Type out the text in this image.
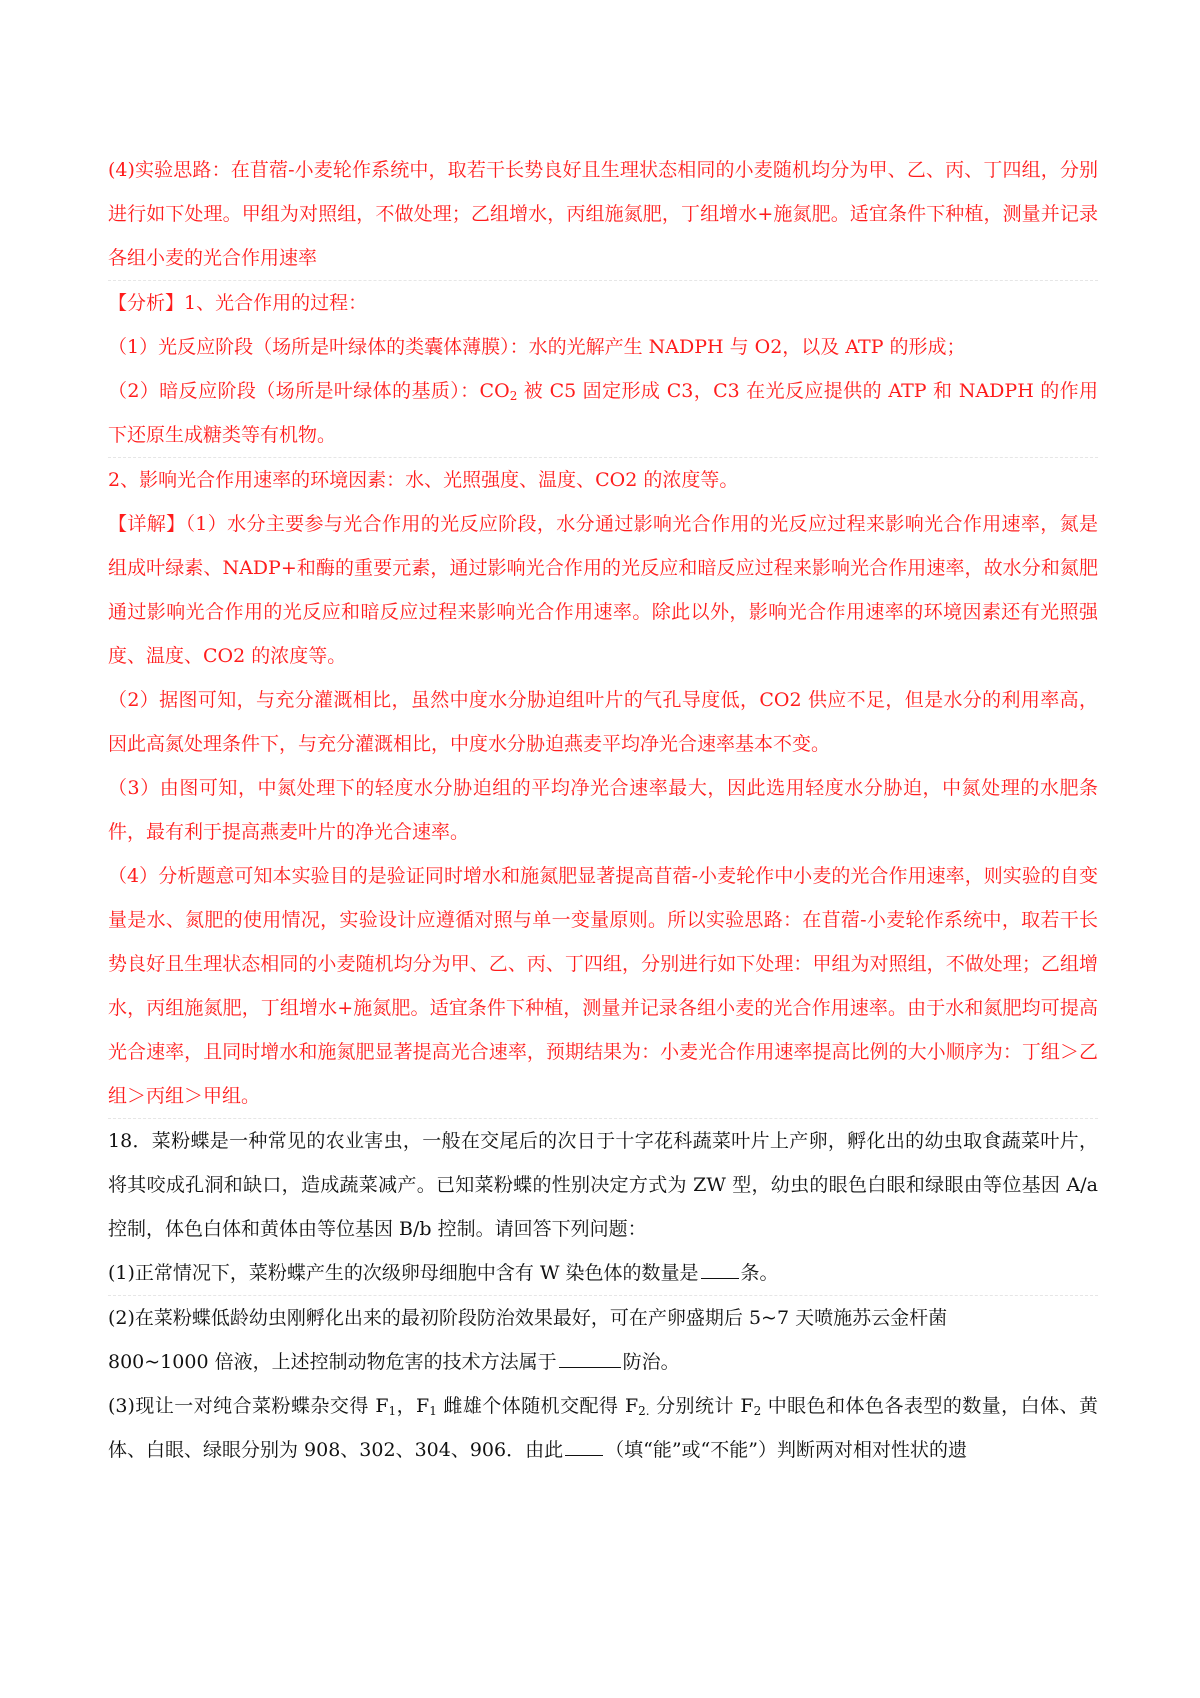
(4)实验思路：在苜蓿-小麦轮作系统中，取若干长势良好且生理状态相同的小麦随机均分为甲、乙、丙、丁四组，分别进行如下处理。甲组为对照组，不做处理；乙组增水，丙组施氮肥，丁组增水+施氮肥。适宜条件下种植，测量并记录各组小麦的光合作用速率

【分析】1、光合作用的过程：

（1）光反应阶段（场所是叶绿体的类囊体薄膜）：水的光解产生 NADPH 与 O2，以及 ATP 的形成；

（2）暗反应阶段（场所是叶绿体的基质）：$CO_2$ 被 C5 固定形成 C3，C3 在光反应提供的 ATP 和 NADPH 的作用下还原生成糖类等有机物。

2、影响光合作用速率的环境因素：水、光照强度、温度、CO2 的浓度等。

【详解】（1）水分主要参与光合作用的光反应阶段，水分通过影响光合作用的光反应过程来影响光合作用速率，氮是组成叶绿素、NADP+和酶的重要元素，通过影响光合作用的光反应和暗反应过程来影响光合作用速率，故水分和氮肥通过影响光合作用的光反应和暗反应过程来影响光合作用速率。除此以外，影响光合作用速率的环境因素还有光照强度、温度、CO2 的浓度等。

（2）据图可知，与充分灌溉相比，虽然中度水分胁迫组叶片的气孔导度低，CO2 供应不足，但是水分的利用率高，因此高氮处理条件下，与充分灌溉相比，中度水分胁迫燕麦平均净光合速率基本不变。

（3）由图可知，中氮处理下的轻度水分胁迫组的平均净光合速率最大，因此选用轻度水分胁迫，中氮处理的水肥条件，最有利于提高燕麦叶片的净光合速率。

（4）分析题意可知本实验目的是验证同时增水和施氮肥显著提高苜蓿-小麦轮作中小麦的光合作用速率，则实验的自变量是水、氮肥的使用情况，实验设计应遵循对照与单一变量原则。所以实验思路：在苜蓿-小麦轮作系统中，取若干长势良好且生理状态相同的小麦随机均分为甲、乙、丙、丁四组，分别进行如下处理：甲组为对照组，不做处理；乙组增水，丙组施氮肥，丁组增水+施氮肥。适宜条件下种植，测量并记录各组小麦的光合作用速率。由于水和氮肥均可提高光合速率，且同时增水和施氮肥显著提高光合速率，预期结果为：小麦光合作用速率提高比例的大小顺序为：丁组＞乙组＞丙组＞甲组。

18．菜粉蝶是一种常见的农业害虫，一般在交尾后的次日于十字花科蔬菜叶片上产卵，孵化出的幼虫取食蔬菜叶片，将其咬成孔洞和缺口，造成蔬菜减产。已知菜粉蝶的性别决定方式为 ZW 型，幼虫的眼色白眼和绿眼由等位基因 A/a 控制，体色白体和黄体由等位基因 B/b 控制。请回答下列问题：

(1)正常情况下，菜粉蝶产生的次级卵母细胞中含有 W 染色体的数量是 条。

(2)在菜粉蝶低龄幼虫刚孵化出来的最初阶段防治效果最好，可在产卵盛期后 5~7 天喷施苏云金杆菌
800~1000 倍液，上述控制动物危害的技术方法属于	防治。

(3)现让一对纯合菜粉蝶杂交得 $F_1$，$F_1$ 雌雄个体随机交配得 $F_{2.}$ 分别统计 $F_2$ 中眼色和体色各表型的数量，白体、黄体、白眼、绿眼分别为 908、302、304、906．由此 （填“能”或“不能”）判断两对相对性状的遗
